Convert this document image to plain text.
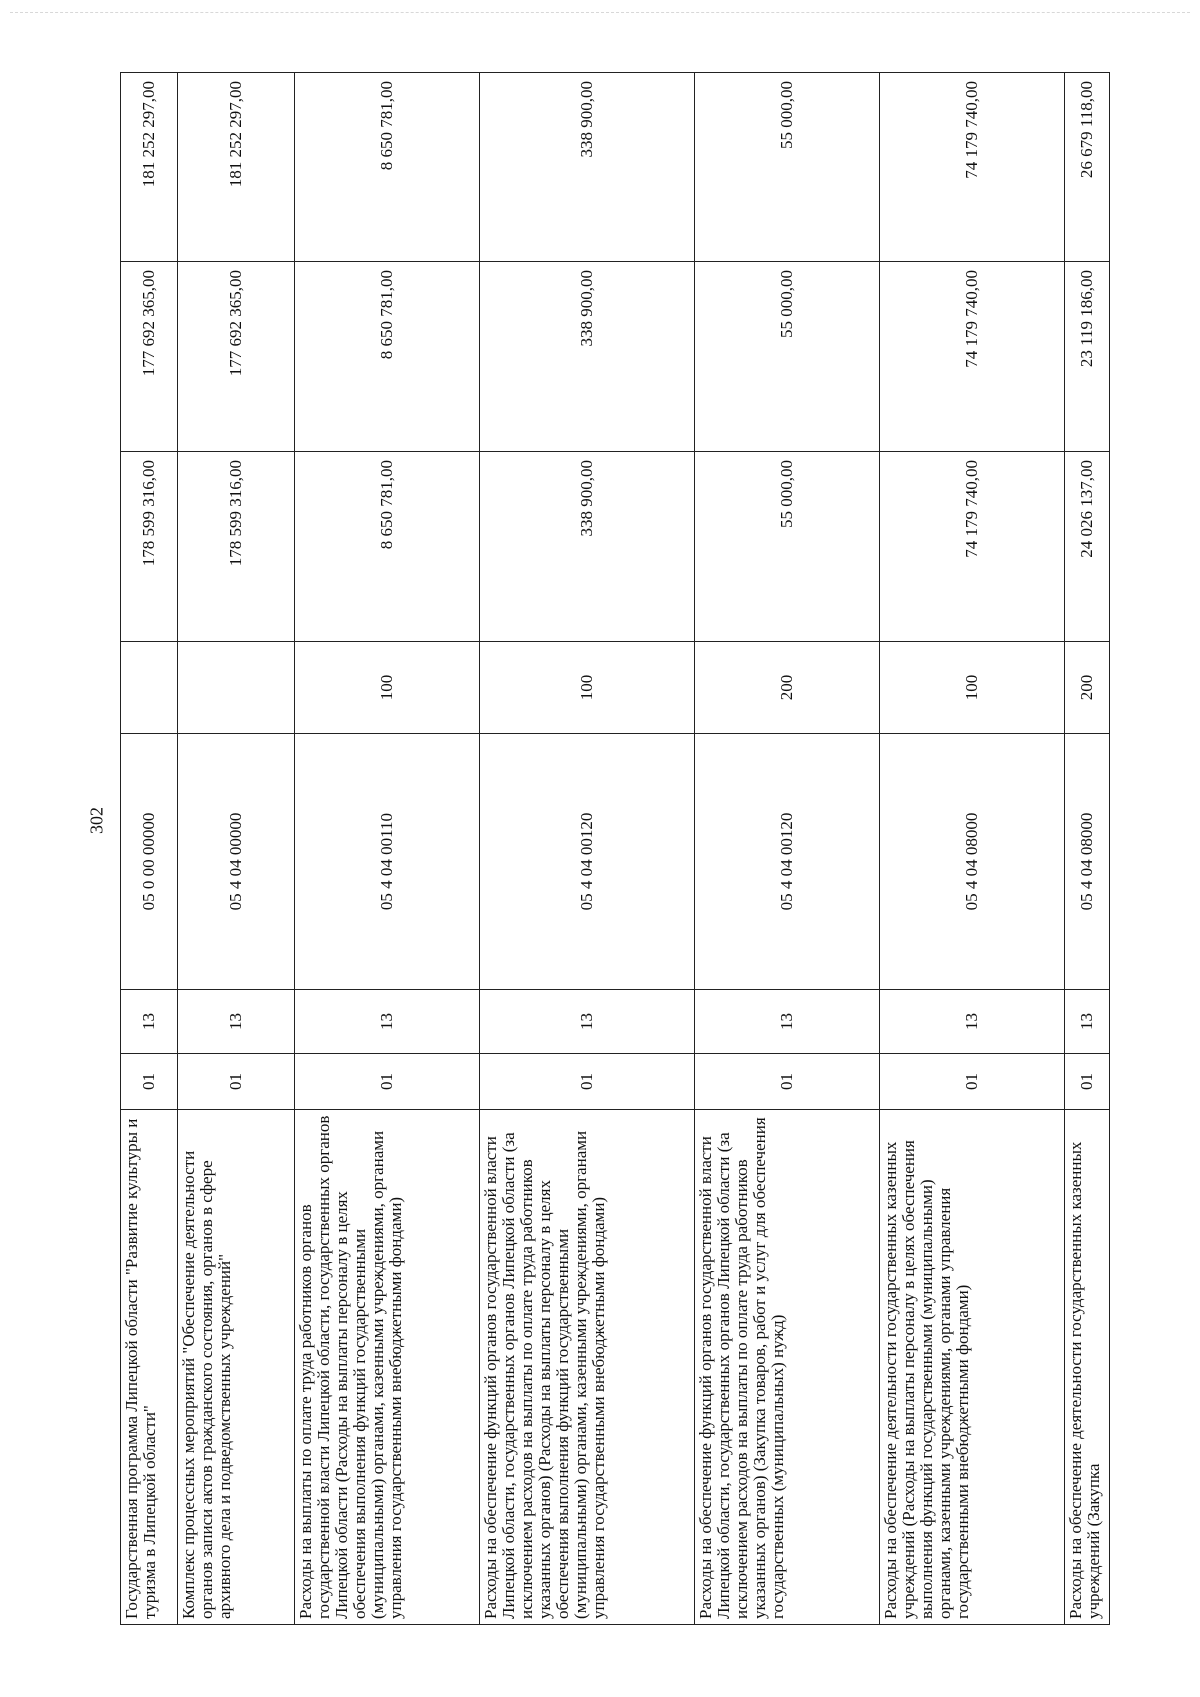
302
Государственная программа Липецкой области "Развитие культуры и туризма в Липецкой области"	01	13	05 0 00 00000		178 599 316,00	177 692 365,00	181 252 297,00
Комплекс процессных мероприятий "Обеспечение деятельности органов записи актов гражданского состояния, органов в сфере архивного дела и подведомственных учреждений"	01	13	05 4 04 00000		178 599 316,00	177 692 365,00	181 252 297,00
Расходы на выплаты по оплате труда работников органов государственной власти Липецкой области, государственных органов Липецкой области (Расходы на выплаты персоналу в целях обеспечения выполнения функций государственными (муниципальными) органами, казенными учреждениями, органами управления государственными внебюджетными фондами)	01	13	05 4 04 00110	100	8 650 781,00	8 650 781,00	8 650 781,00
Расходы на обеспечение функций органов государственной власти Липецкой области, государственных органов Липецкой области (за исключением расходов на выплаты по оплате труда работников указанных органов) (Расходы на выплаты персоналу в целях обеспечения выполнения функций государственными (муниципальными) органами, казенными учреждениями, органами управления государственными внебюджетными фондами)	01	13	05 4 04 00120	100	338 900,00	338 900,00	338 900,00
Расходы на обеспечение функций органов государственной власти Липецкой области, государственных органов Липецкой области (за исключением расходов на выплаты по оплате труда работников указанных органов) (Закупка товаров, работ и услуг для обеспечения государственных (муниципальных) нужд)	01	13	05 4 04 00120	200	55 000,00	55 000,00	55 000,00
Расходы на обеспечение деятельности государственных казенных учреждений (Расходы на выплаты персоналу в целях обеспечения выполнения функций государственными (муниципальными) органами, казенными учреждениями, органами управления государственными внебюджетными фондами)	01	13	05 4 04 08000	100	74 179 740,00	74 179 740,00	74 179 740,00
Расходы на обеспечение деятельности государственных казенных учреждений (Закупка	01	13	05 4 04 08000	200	24 026 137,00	23 119 186,00	26 679 118,00
